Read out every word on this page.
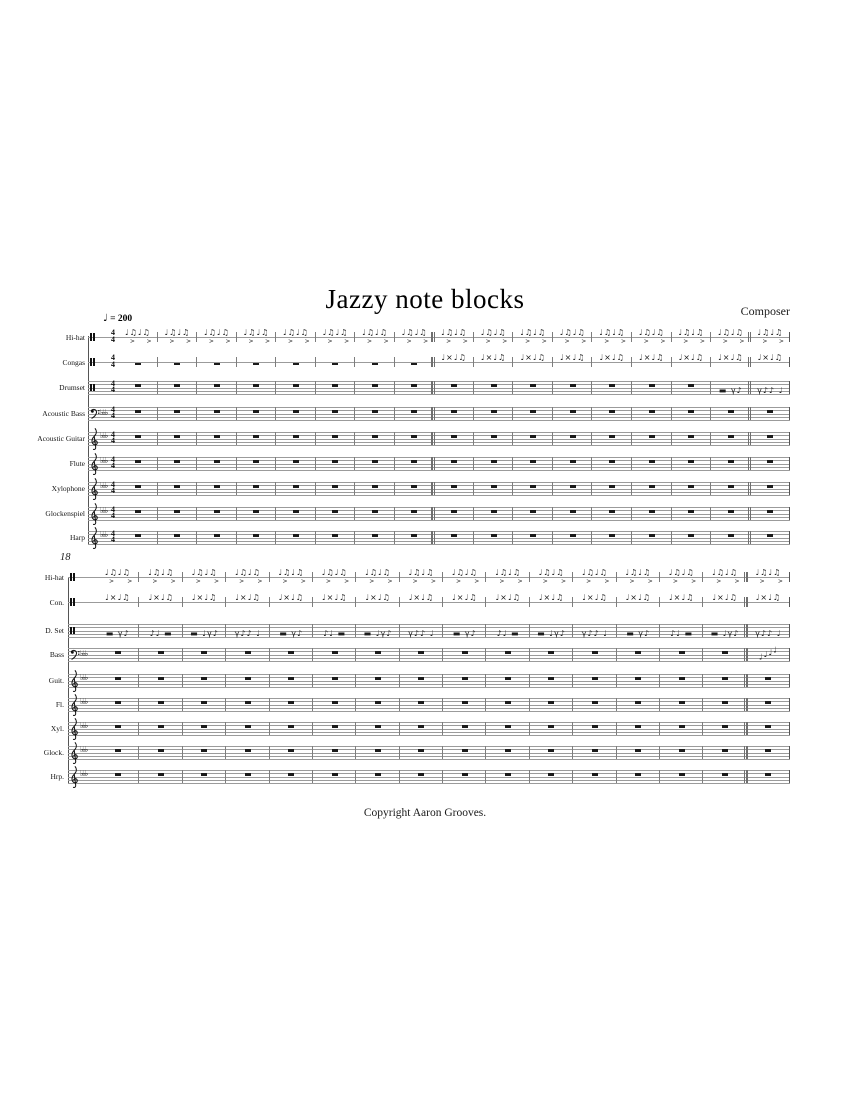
Jazzy note blocks	Composer
♩ = 200
18
Copyright Aaron Grooves.
Hi-hat	4
4
♩♫♩♫
> >
♩♫♩♫
> >
♩♫♩♫
> >
♩♫♩♫
> >
♩♫♩♫
> >
♩♫♩♫
> >
♩♫♩♫
> >
♩♫♩♫
> >
♩♫♩♫
> >
♩♫♩♫
> >
♩♫♩♫
> >
♩♫♩♫
> >
♩♫♩♫
> >
♩♫♩♫
> >
♩♫♩♫
> >
♩♫♩♫
> >
♩♫♩♫
> >
Congas	4
4
♩×♩♫	♩×♩♫	♩×♩♫	♩×♩♫	♩×♩♫	♩×♩♫	♩×♩♫	♩×♩♫	♩×♩♫
Drumset	4
4	▬ γ♪	γ♪♪ ♩
Acoustic Bass ♭♭♭ 4
4
Acoustic Guitar ♭♭♭ 4
4
Flute ♭♭♭ 4
4
Xylophone ♭♭♭ 4
4
Glockenspiel ♭♭♭ 4
4
Harp ♭♭♭ 4
4
Hi-hat	♩♫♩♫
> >
♩♫♩♫
> >
♩♫♩♫
> >
♩♫♩♫
> >
♩♫♩♫
> >
♩♫♩♫
> >
♩♫♩♫
> >
♩♫♩♫
> >
♩♫♩♫
> >
♩♫♩♫
> >
♩♫♩♫
> >
♩♫♩♫
> >
♩♫♩♫
> >
♩♫♩♫
> >
♩♫♩♫
> >
♩♫♩♫
> >
Con.	♩×♩♫	♩×♩♫	♩×♩♫	♩×♩♫	♩×♩♫	♩×♩♫	♩×♩♫	♩×♩♫	♩×♩♫	♩×♩♫	♩×♩♫	♩×♩♫	♩×♩♫	♩×♩♫	♩×♩♫	♩×♩♫
D. Set	▬ γ♪	♪♩ ▬	▬ ♩γ♪	γ♪♪ ♩	▬ γ♪	♪♩ ▬	▬ ♩γ♪	γ♪♪ ♩	▬ γ♪	♪♩ ▬	▬ ♩γ♪	γ♪♪ ♩	▬ γ♪	♪♩ ▬	▬ ♩γ♪	γ♪♪ ♩
Bass ♭♭♭	♩♩♩♩
Guit. ♭♭♭
Fl. ♭♭♭
Xyl. ♭♭♭
Glock. ♭♭♭
Hrp. ♭♭♭
